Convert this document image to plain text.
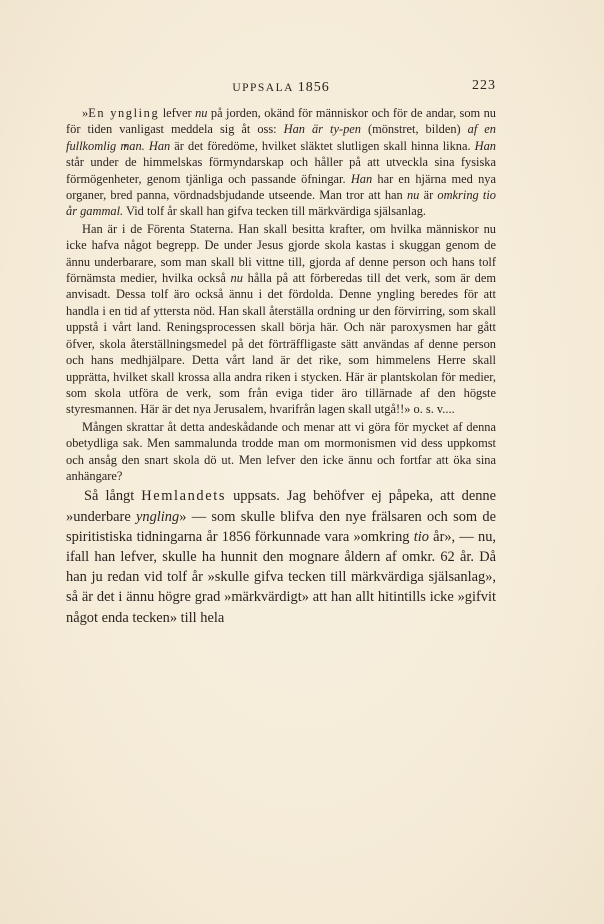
UPPSALA 1856	223

»En yngling lefver nu på jorden, okänd för människor och för de andar, som nu för tiden vanligast meddela sig åt oss: Han är ty-pen (mönstret, bilden) af en fullkomlig man. Han är det föredöme, hvilket släktet slutligen skall hinna likna. Han står under de himmelskas förmyndarskap och håller på att utveckla sina fysiska förmögenheter, genom tjänliga och passande öfningar. Han har en hjärna med nya organer, bred panna, vördnadsbjudande utseende. Man tror att han nu är omkring tio år gammal. Vid tolf år skall han gifva tecken till märkvärdiga själsanlag.

Han är i de Förenta Staterna. Han skall besitta krafter, om hvilka människor nu icke hafva något begrepp. De under Jesus gjorde skola kastas i skuggan genom de ännu underbarare, som man skall bli vittne till, gjorda af denne person och hans tolf förnämsta medier, hvilka också nu hålla på att förberedas till det verk, som är dem anvisadt. Dessa tolf äro också ännu i det fördolda. Denne yngling beredes för att handla i en tid af yttersta nöd. Han skall återställa ordning ur den förvirring, som skall uppstå i vårt land. Reningsprocessen skall börja här. Och när paroxysmen har gått öfver, skola återställningsmedel på det förträffligaste sätt användas af denne person och hans medhjälpare. Detta vårt land är det rike, som himmelens Herre skall upprätta, hvilket skall krossa alla andra riken i stycken. Här är plantskolan för medier, som skola utföra de verk, som från eviga tider äro tillärnade af den högste styresmannen. Här är det nya Jerusalem, hvarifrån lagen skall utgå!!» o. s. v....

Mången skrattar åt detta andeskådande och menar att vi göra för mycket af denna obetydliga sak. Men sammalunda trodde man om mormonismen vid dess uppkomst och ansåg den snart skola dö ut. Men lefver den icke ännu och fortfar att öka sina anhängare?

Så långt Hemlandets uppsats. Jag behöfver ej påpeka, att denne »underbare yngling» — som skulle blifva den nye frälsaren och som de spiritistiska tidningarna år 1856 förkunnade vara »omkring tio år», — nu, ifall han lefver, skulle ha hunnit den mognare åldern af omkr. 62 år. Då han ju redan vid tolf år »skulle gifva tecken till märkvärdiga själsanlag», så är det i ännu högre grad »märkvärdigt» att han allt hitintills icke »gifvit något enda tecken» till hela
